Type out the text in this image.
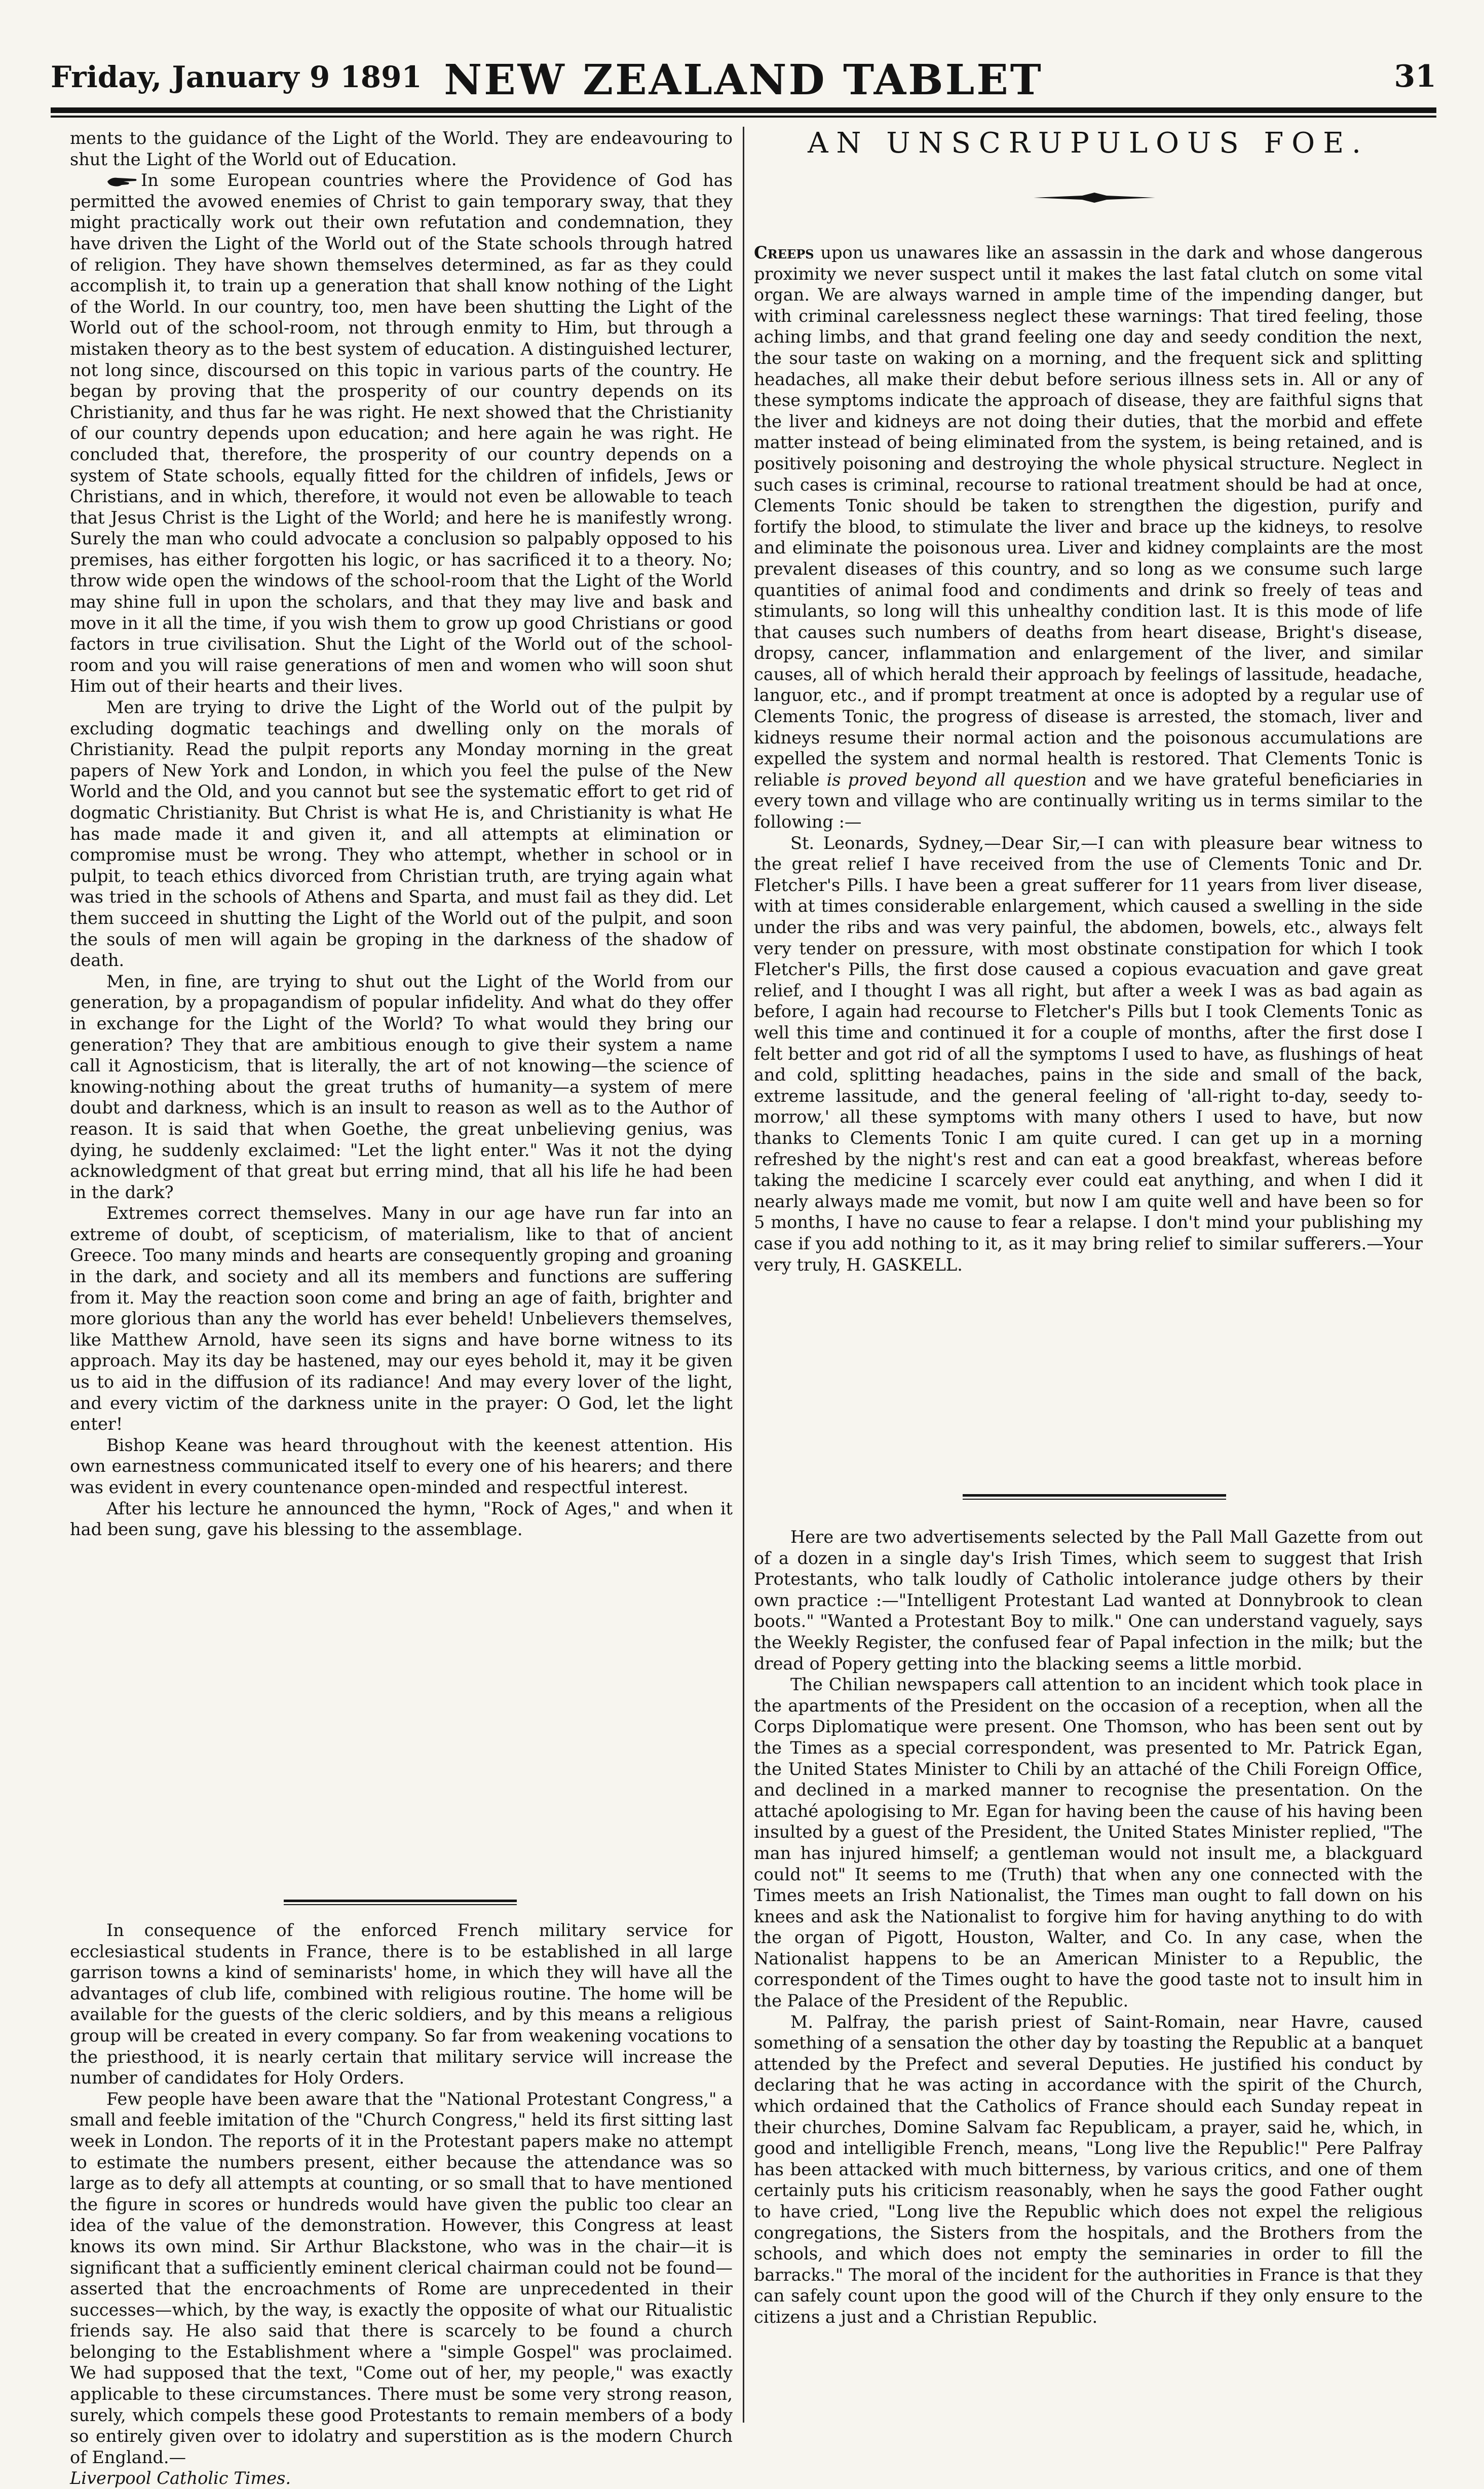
Friday, January 9 1891 NEW ZEALAND TABLET	31

ments to the guidance of the Light of the World. They are endeavouring to shut the Light of the World out of Education.

In some European countries where the Providence of God has permitted the avowed enemies of Christ to gain temporary sway, that they might practically work out their own refutation and condemnation, they have driven the Light of the World out of the State schools through hatred of religion. They have shown themselves determined, as far as they could accomplish it, to train up a generation that shall know nothing of the Light of the World. In our country, too, men have been shutting the Light of the World out of the school-room, not through enmity to Him, but through a mistaken theory as to the best system of education. A distinguished lecturer, not long since, discoursed on this topic in various parts of the country. He began by proving that the prosperity of our country depends on its Christianity, and thus far he was right. He next showed that the Christianity of our country depends upon education; and here again he was right. He concluded that, therefore, the prosperity of our country depends on a system of State schools, equally fitted for the children of infidels, Jews or Christians, and in which, therefore, it would not even be allowable to teach that Jesus Christ is the Light of the World; and here he is manifestly wrong. Surely the man who could advocate a conclusion so palpably opposed to his premises, has either forgotten his logic, or has sacrificed it to a theory. No; throw wide open the windows of the school-room that the Light of the World may shine full in upon the scholars, and that they may live and bask and move in it all the time, if you wish them to grow up good Christians or good factors in true civilisation. Shut the Light of the World out of the school-room and you will raise generations of men and women who will soon shut Him out of their hearts and their lives.

Men are trying to drive the Light of the World out of the pulpit by excluding dogmatic teachings and dwelling only on the morals of Christianity. Read the pulpit reports any Monday morning in the great papers of New York and London, in which you feel the pulse of the New World and the Old, and you cannot but see the systematic effort to get rid of dogmatic Christianity. But Christ is what He is, and Christianity is what He has made made it and given it, and all attempts at elimination or compromise must be wrong. They who attempt, whether in school or in pulpit, to teach ethics divorced from Christian truth, are trying again what was tried in the schools of Athens and Sparta, and must fail as they did. Let them succeed in shutting the Light of the World out of the pulpit, and soon the souls of men will again be groping in the darkness of the shadow of death.

Men, in fine, are trying to shut out the Light of the World from our generation, by a propagandism of popular infidelity. And what do they offer in exchange for the Light of the World? To what would they bring our generation? They that are ambitious enough to give their system a name call it Agnosticism, that is literally, the art of not knowing—the science of knowing-nothing about the great truths of humanity—a system of mere doubt and darkness, which is an insult to reason as well as to the Author of reason. It is said that when Goethe, the great unbelieving genius, was dying, he suddenly exclaimed: "Let the light enter." Was it not the dying acknowledgment of that great but erring mind, that all his life he had been in the dark?

Extremes correct themselves. Many in our age have run far into an extreme of doubt, of scepticism, of materialism, like to that of ancient Greece. Too many minds and hearts are consequently groping and groaning in the dark, and society and all its members and functions are suffering from it. May the reaction soon come and bring an age of faith, brighter and more glorious than any the world has ever beheld! Unbelievers themselves, like Matthew Arnold, have seen its signs and have borne witness to its approach. May its day be hastened, may our eyes behold it, may it be given us to aid in the diffusion of its radiance! And may every lover of the light, and every victim of the darkness unite in the prayer: O God, let the light enter!

Bishop Keane was heard throughout with the keenest attention. His own earnestness communicated itself to every one of his hearers; and there was evident in every countenance open-minded and respectful interest.

After his lecture he announced the hymn, "Rock of Ages," and when it had been sung, gave his blessing to the assemblage.

In consequence of the enforced French military service for ecclesiastical students in France, there is to be established in all large garrison towns a kind of seminarists' home, in which they will have all the advantages of club life, combined with religious routine. The home will be available for the guests of the cleric soldiers, and by this means a religious group will be created in every company. So far from weakening vocations to the priesthood, it is nearly certain that military service will increase the number of candidates for Holy Orders.

Few people have been aware that the "National Protestant Congress," a small and feeble imitation of the "Church Congress," held its first sitting last week in London. The reports of it in the Protestant papers make no attempt to estimate the numbers present, either because the attendance was so large as to defy all attempts at counting, or so small that to have mentioned the figure in scores or hundreds would have given the public too clear an idea of the value of the demonstration. However, this Congress at least knows its own mind. Sir Arthur Blackstone, who was in the chair—it is significant that a sufficiently eminent clerical chairman could not be found—asserted that the encroachments of Rome are unprecedented in their successes—which, by the way, is exactly the opposite of what our Ritualistic friends say. He also said that there is scarcely to be found a church belonging to the Establishment where a "simple Gospel" was proclaimed. We had supposed that the text, "Come out of her, my people," was exactly applicable to these circumstances. There must be some very strong reason, surely, which compels these good Protestants to remain members of a body so entirely given over to idolatry and superstition as is the modern Church of England.—

Liverpool Catholic Times.

AN UNSCRUPULOUS FOE.

Creeps upon us unawares like an assassin in the dark and whose dangerous proximity we never suspect until it makes the last fatal clutch on some vital organ. We are always warned in ample time of the impending danger, but with criminal carelessness neglect these warnings: That tired feeling, those aching limbs, and that grand feeling one day and seedy condition the next, the sour taste on waking on a morning, and the frequent sick and splitting headaches, all make their debut before serious illness sets in. All or any of these symptoms indicate the approach of disease, they are faithful signs that the liver and kidneys are not doing their duties, that the morbid and effete matter instead of being eliminated from the system, is being retained, and is positively poisoning and destroying the whole physical structure. Neglect in such cases is criminal, recourse to rational treatment should be had at once, Clements Tonic should be taken to strengthen the digestion, purify and fortify the blood, to stimulate the liver and brace up the kidneys, to resolve and eliminate the poisonous urea. Liver and kidney complaints are the most prevalent diseases of this country, and so long as we consume such large quantities of animal food and condiments and drink so freely of teas and stimulants, so long will this unhealthy condition last. It is this mode of life that causes such numbers of deaths from heart disease, Bright's disease, dropsy, cancer, inflammation and enlargement of the liver, and similar causes, all of which herald their approach by feelings of lassitude, headache, languor, etc., and if prompt treatment at once is adopted by a regular use of Clements Tonic, the progress of disease is arrested, the stomach, liver and kidneys resume their normal action and the poisonous accumulations are expelled the system and normal health is restored. That Clements Tonic is reliable is proved beyond all question and we have grateful beneficiaries in every town and village who are continually writing us in terms similar to the following :—

St. Leonards, Sydney,—Dear Sir,—I can with pleasure bear witness to the great relief I have received from the use of Clements Tonic and Dr. Fletcher's Pills. I have been a great sufferer for 11 years from liver disease, with at times considerable enlargement, which caused a swelling in the side under the ribs and was very painful, the abdomen, bowels, etc., always felt very tender on pressure, with most obstinate constipation for which I took Fletcher's Pills, the first dose caused a copious evacuation and gave great relief, and I thought I was all right, but after a week I was as bad again as before, I again had recourse to Fletcher's Pills but I took Clements Tonic as well this time and continued it for a couple of months, after the first dose I felt better and got rid of all the symptoms I used to have, as flushings of heat and cold, splitting headaches, pains in the side and small of the back, extreme lassitude, and the general feeling of 'all-right to-day, seedy to-morrow,' all these symptoms with many others I used to have, but now thanks to Clements Tonic I am quite cured. I can get up in a morning refreshed by the night's rest and can eat a good breakfast, whereas before taking the medicine I scarcely ever could eat anything, and when I did it nearly always made me vomit, but now I am quite well and have been so for 5 months, I have no cause to fear a relapse. I don't mind your publishing my case if you add nothing to it, as it may bring relief to similar sufferers.—Your very truly, H. GASKELL.

Here are two advertisements selected by the Pall Mall Gazette from out of a dozen in a single day's Irish Times, which seem to suggest that Irish Protestants, who talk loudly of Catholic intolerance judge others by their own practice :—"Intelligent Protestant Lad wanted at Donnybrook to clean boots." "Wanted a Protestant Boy to milk." One can understand vaguely, says the Weekly Register, the confused fear of Papal infection in the milk; but the dread of Popery getting into the blacking seems a little morbid.

The Chilian newspapers call attention to an incident which took place in the apartments of the President on the occasion of a reception, when all the Corps Diplomatique were present. One Thomson, who has been sent out by the Times as a special correspondent, was presented to Mr. Patrick Egan, the United States Minister to Chili by an attaché of the Chili Foreign Office, and declined in a marked manner to recognise the presentation. On the attaché apologising to Mr. Egan for having been the cause of his having been insulted by a guest of the President, the United States Minister replied, "The man has injured himself; a gentleman would not insult me, a blackguard could not" It seems to me (Truth) that when any one connected with the Times meets an Irish Nationalist, the Times man ought to fall down on his knees and ask the Nationalist to forgive him for having anything to do with the organ of Pigott, Houston, Walter, and Co. In any case, when the Nationalist happens to be an American Minister to a Republic, the correspondent of the Times ought to have the good taste not to insult him in the Palace of the President of the Republic.

M. Palfray, the parish priest of Saint-Romain, near Havre, caused something of a sensation the other day by toasting the Republic at a banquet attended by the Prefect and several Deputies. He justified his conduct by declaring that he was acting in accordance with the spirit of the Church, which ordained that the Catholics of France should each Sunday repeat in their churches, Domine Salvam fac Republicam, a prayer, said he, which, in good and intelligible French, means, "Long live the Republic!" Pere Palfray has been attacked with much bitterness, by various critics, and one of them certainly puts his criticism reasonably, when he says the good Father ought to have cried, "Long live the Republic which does not expel the religious congregations, the Sisters from the hospitals, and the Brothers from the schools, and which does not empty the seminaries in order to fill the barracks." The moral of the incident for the authorities in France is that they can safely count upon the good will of the Church if they only ensure to the citizens a just and a Christian Republic.
